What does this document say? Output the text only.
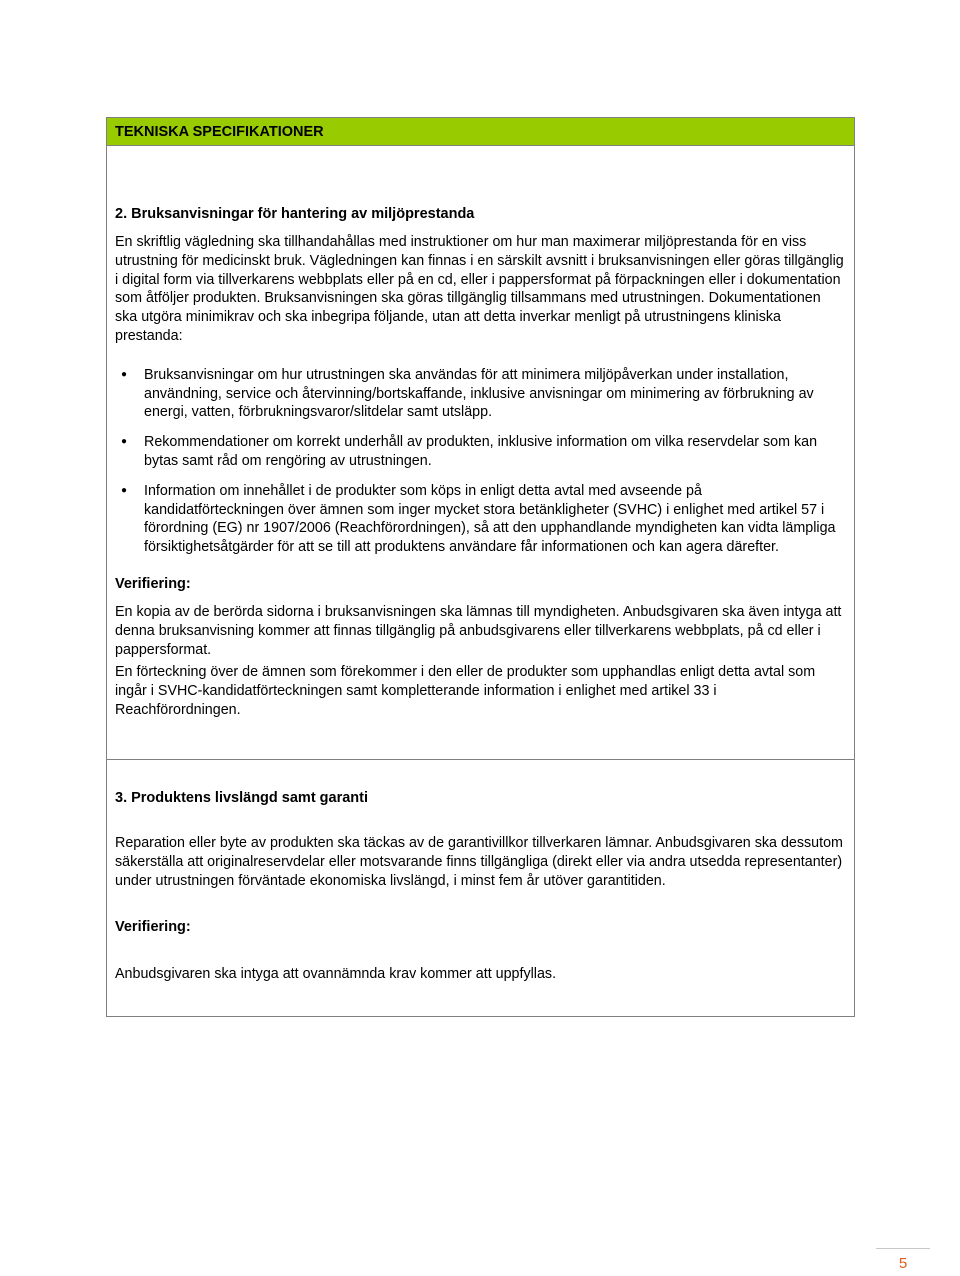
TEKNISKA SPECIFIKATIONER
2. Bruksanvisningar för hantering av miljöprestanda

En skriftlig vägledning ska tillhandahållas med instruktioner om hur man maximerar miljöprestanda för en viss utrustning för medicinskt bruk. Vägledningen kan finnas i en särskilt avsnitt i bruksanvisningen eller göras tillgänglig i digital form via tillverkarens webbplats eller på en cd, eller i pappersformat på förpackningen eller i dokumentation som åtföljer produkten. Bruksanvisningen ska göras tillgänglig tillsammans med utrustningen. Dokumentationen ska utgöra minimikrav och ska inbegripa följande, utan att detta inverkar menligt på utrustningens kliniska prestanda:

● Bruksanvisningar om hur utrustningen ska användas för att minimera miljöpåverkan under installation, användning, service och återvinning/bortskaffande, inklusive anvisningar om minimering av förbrukning av energi, vatten, förbrukningsvaror/slitdelar samt utsläpp.
● Rekommendationer om korrekt underhåll av produkten, inklusive information om vilka reservdelar som kan bytas samt råd om rengöring av utrustningen.
● Information om innehållet i de produkter som köps in enligt detta avtal med avseende på kandidatförteckningen över ämnen som inger mycket stora betänkligheter (SVHC) i enlighet med artikel 57 i förordning (EG) nr 1907/2006 (Reachförordningen), så att den upphandlande myndigheten kan vidta lämpliga försiktighetsåtgärder för att se till att produktens användare får informationen och kan agera därefter.

Verifiering:

En kopia av de berörda sidorna i bruksanvisningen ska lämnas till myndigheten. Anbudsgivaren ska även intyga att denna bruksanvisning kommer att finnas tillgänglig på anbudsgivarens eller tillverkarens webbplats, på cd eller i pappersformat.

En förteckning över de ämnen som förekommer i den eller de produkter som upphandlas enligt detta avtal som ingår i SVHC-kandidatförteckningen samt kompletterande information i enlighet med artikel 33 i Reachförordningen.

3. Produktens livslängd samt garanti

Reparation eller byte av produkten ska täckas av de garantivillkor tillverkaren lämnar. Anbudsgivaren ska dessutom säkerställa att originalreservdelar eller motsvarande finns tillgängliga (direkt eller via andra utsedda representanter) under utrustningen förväntade ekonomiska livslängd, i minst fem år utöver garantitiden.

Verifiering:

Anbudsgivaren ska intyga att ovannämnda krav kommer att uppfyllas.

5
